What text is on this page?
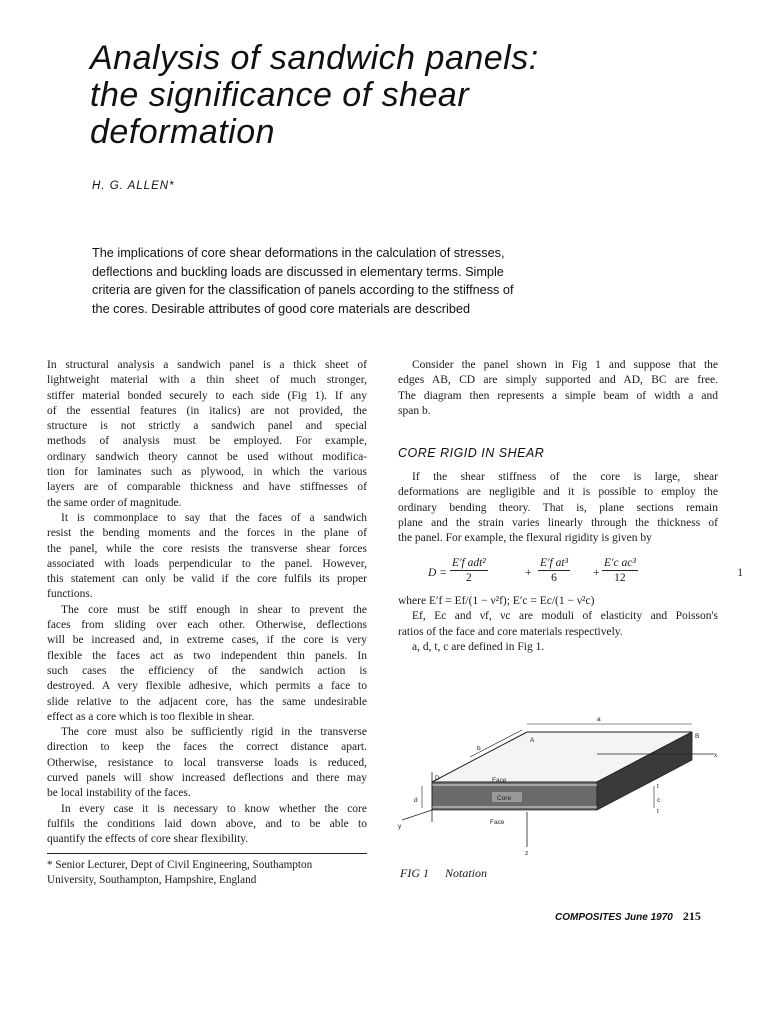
Analysis of sandwich panels:
the significance of shear
deformation
H. G. ALLEN*
The implications of core shear deformations in the calculation of stresses,
deflections and buckling loads are discussed in elementary terms. Simple
criteria are given for the classification of panels according to the stiffness of
the cores. Desirable attributes of good core materials are described
In structural analysis a sandwich panel is a thick sheet of
lightweight material with a thin sheet of much stronger,
stiffer material bonded securely to each side (Fig 1). If any
of the essential features (in italics) are not provided, the
structure is not strictly a sandwich panel and special
methods of analysis must be employed. For example,
ordinary sandwich theory cannot be used without modifica-
tion for laminates such as plywood, in which the various
layers are of comparable thickness and have stiffnesses of
the same order of magnitude.
It is commonplace to say that the faces of a sandwich
resist the bending moments and the forces in the plane of
the panel, while the core resists the transverse shear forces
associated with loads perpendicular to the panel. However,
this statement can only be valid if the core fulfils its proper
functions.
The core must be stiff enough in shear to prevent the
faces from sliding over each other. Otherwise, deflections
will be increased and, in extreme cases, if the core is very
flexible the faces act as two independent thin panels. In
such cases the efficiency of the sandwich action is
destroyed. A very flexible adhesive, which permits a face to
slide relative to the adjacent core, has the same undesirable
effect as a core which is too flexible in shear.
The core must also be sufficiently rigid in the transverse
direction to keep the faces the correct distance apart.
Otherwise, resistance to local transverse loads is reduced,
curved panels will show increased deflections and there may
be local instability of the faces.
In every case it is necessary to know whether the core
fulfils the conditions laid down above, and to be able to
quantify the effects of core shear flexibility.
Consider the panel shown in Fig 1 and suppose that the
edges AB, CD are simply supported and AD, BC are free.
The diagram then represents a simple beam of width a and
span b.
CORE RIGID IN SHEAR
If the shear stiffness of the core is large, shear
deformations are negligible and it is possible to employ the
ordinary bending theory. That is, plane sections remain
plane and the strain varies linearly through the thickness of
the panel. For example, the flexural rigidity is given by
D =
E′f adt²
2	+ $\frac{\text{E′f at³}}{6} + \frac{\text{E′c ac³}}{12}$	1
where E′f = Ef/(1 − ν²f); E′c = Ec/(1 − ν²c)
Ef, Ec and νf, νc are moduli of elasticity and Poisson's
ratios of the face and core materials respectively.
a, d, t, c are defined in Fig 1.
a
b
A
B
D
x
y
z
d	c
t
t
Face
Face
Core
FIG 1 Notation
* Senior Lecturer, Dept of Civil Engineering, Southampton
University, Southampton, Hampshire, England
COMPOSITES June 1970 215
